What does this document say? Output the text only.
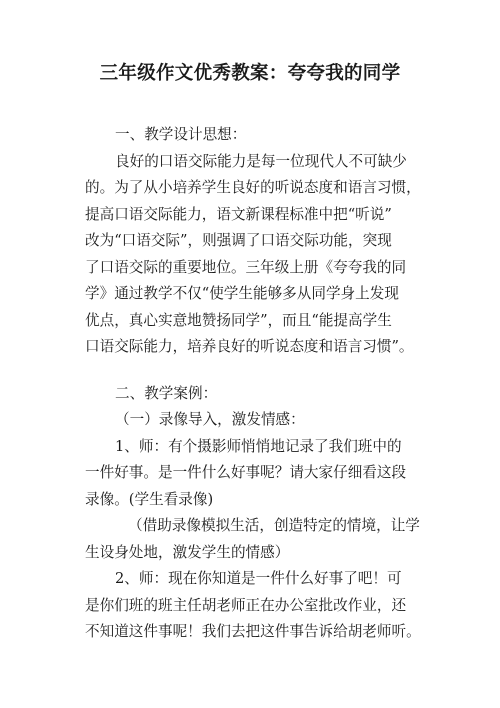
三年级作文优秀教案：夸夸我的同学
一、教学设计思想：
良好的口语交际能力是每一位现代人不可缺少
的。为了从小培养学生良好的听说态度和语言习惯，
提高口语交际能力，语文新课程标准中把“听说”
改为“口语交际”，则强调了口语交际功能，突现
了口语交际的重要地位。三年级上册《夸夸我的同
学》通过教学不仅“使学生能够多从同学身上发现
优点，真心实意地赞扬同学”，而且“能提高学生
口语交际能力，培养良好的听说态度和语言习惯”。
二、教学案例：
（一）录像导入，激发情感：
1、师：有个摄影师悄悄地记录了我们班中的
一件好事。是一件什么好事呢？请大家仔细看这段
录像。(学生看录像)
（借助录像模拟生活，创造特定的情境，让学
生设身处地，激发学生的情感）
2、师：现在你知道是一件什么好事了吧！可
是你们班的班主任胡老师正在办公室批改作业，还
不知道这件事呢！我们去把这件事告诉给胡老师听。
